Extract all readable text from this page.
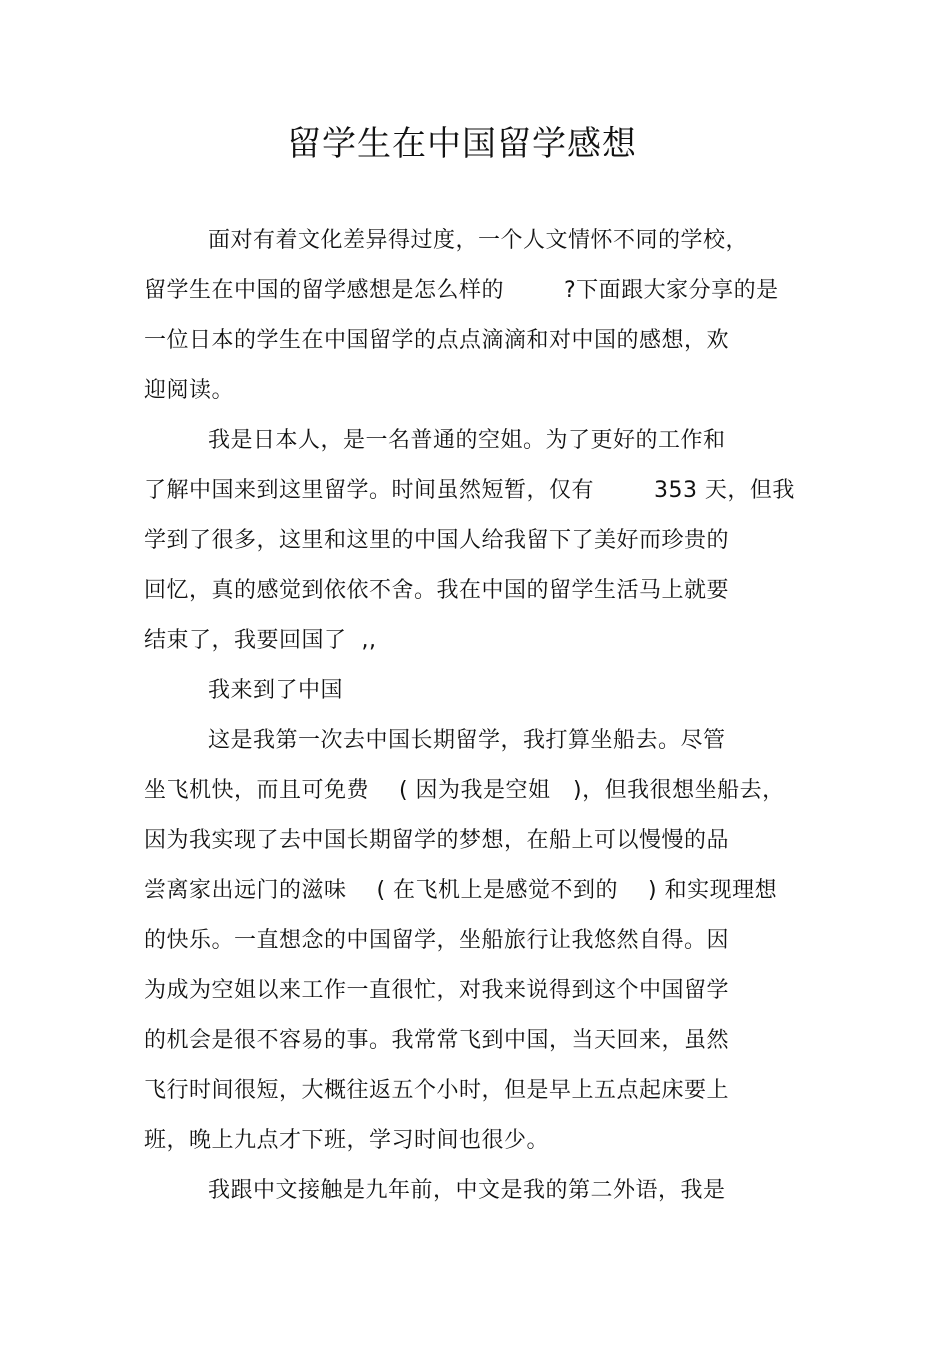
留学生在中国留学感想
面对有着文化差异得过度，一个人文情怀不同的学校，
留学生在中国的留学感想是怎么样的        ?下面跟大家分享的是
一位日本的学生在中国留学的点点滴滴和对中国的感想，欢
迎阅读。
我是日本人，是一名普通的空姐。为了更好的工作和
了解中国来到这里留学。时间虽然短暂，仅有        353 天，但我
学到了很多，这里和这里的中国人给我留下了美好而珍贵的
回忆，真的感觉到依依不舍。我在中国的留学生活马上就要
结束了，我要回国了  ,,
我来到了中国
这是我第一次去中国长期留学，我打算坐船去。尽管
坐飞机快，而且可免费    ( 因为我是空姐   )，但我很想坐船去，
因为我实现了去中国长期留学的梦想，在船上可以慢慢的品
尝离家出远门的滋味    ( 在飞机上是感觉不到的    ) 和实现理想
的快乐。一直想念的中国留学，坐船旅行让我悠然自得。因
为成为空姐以来工作一直很忙，对我来说得到这个中国留学
的机会是很不容易的事。我常常飞到中国，当天回来，虽然
飞行时间很短，大概往返五个小时，但是早上五点起床要上
班，晚上九点才下班，学习时间也很少。
我跟中文接触是九年前，中文是我的第二外语，我是
